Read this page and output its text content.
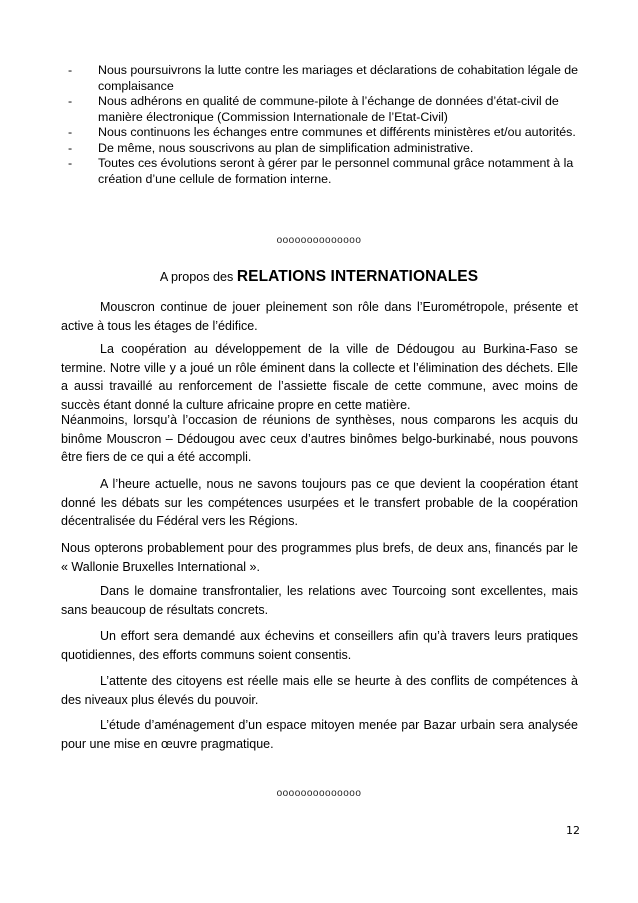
-	Nous poursuivrons la lutte contre les mariages et déclarations de cohabitation légale de complaisance
-	Nous adhérons en qualité de commune-pilote à l’échange de données d’état-civil de manière électronique (Commission Internationale de l’Etat-Civil)
-	Nous continuons les échanges entre communes et différents ministères et/ou autorités.
-	De même, nous souscrivons au plan de simplification administrative.
-	Toutes ces évolutions seront à gérer par le personnel communal grâce notamment à la création d’une cellule de formation interne.
oooooooooooooo
A propos des RELATIONS INTERNATIONALES
Mouscron continue de jouer pleinement son rôle dans l’Eurométropole, présente et active à tous les étages de l’édifice.
La coopération au développement de la ville de Dédougou au Burkina-Faso se termine. Notre ville y a joué un rôle éminent dans la collecte et l’élimination des déchets. Elle a aussi travaillé au renforcement de l’assiette fiscale de cette commune, avec moins de succès étant donné la culture africaine propre en cette matière.
Néanmoins, lorsqu’à l’occasion de réunions de synthèses, nous comparons les acquis du binôme Mouscron – Dédougou avec ceux d’autres binômes belgo-burkinabé, nous pouvons être fiers de ce qui a été accompli.
A l’heure actuelle, nous ne savons toujours pas ce que devient la coopération étant donné les débats sur les compétences usurpées et le transfert probable de la coopération décentralisée du Fédéral vers les Régions.
Nous opterons probablement pour des programmes plus brefs, de deux ans, financés par le « Wallonie Bruxelles International ».
Dans le domaine transfrontalier, les relations avec Tourcoing sont excellentes, mais sans beaucoup de résultats concrets.
Un effort sera demandé aux échevins et conseillers afin qu’à travers leurs pratiques quotidiennes, des efforts communs soient consentis.
L’attente des citoyens est réelle mais elle se heurte à des conflits de compétences à des niveaux plus élevés du pouvoir.
L’étude d’aménagement d’un espace mitoyen menée par Bazar urbain sera analysée pour une mise en œuvre pragmatique.
oooooooooooooo
12
